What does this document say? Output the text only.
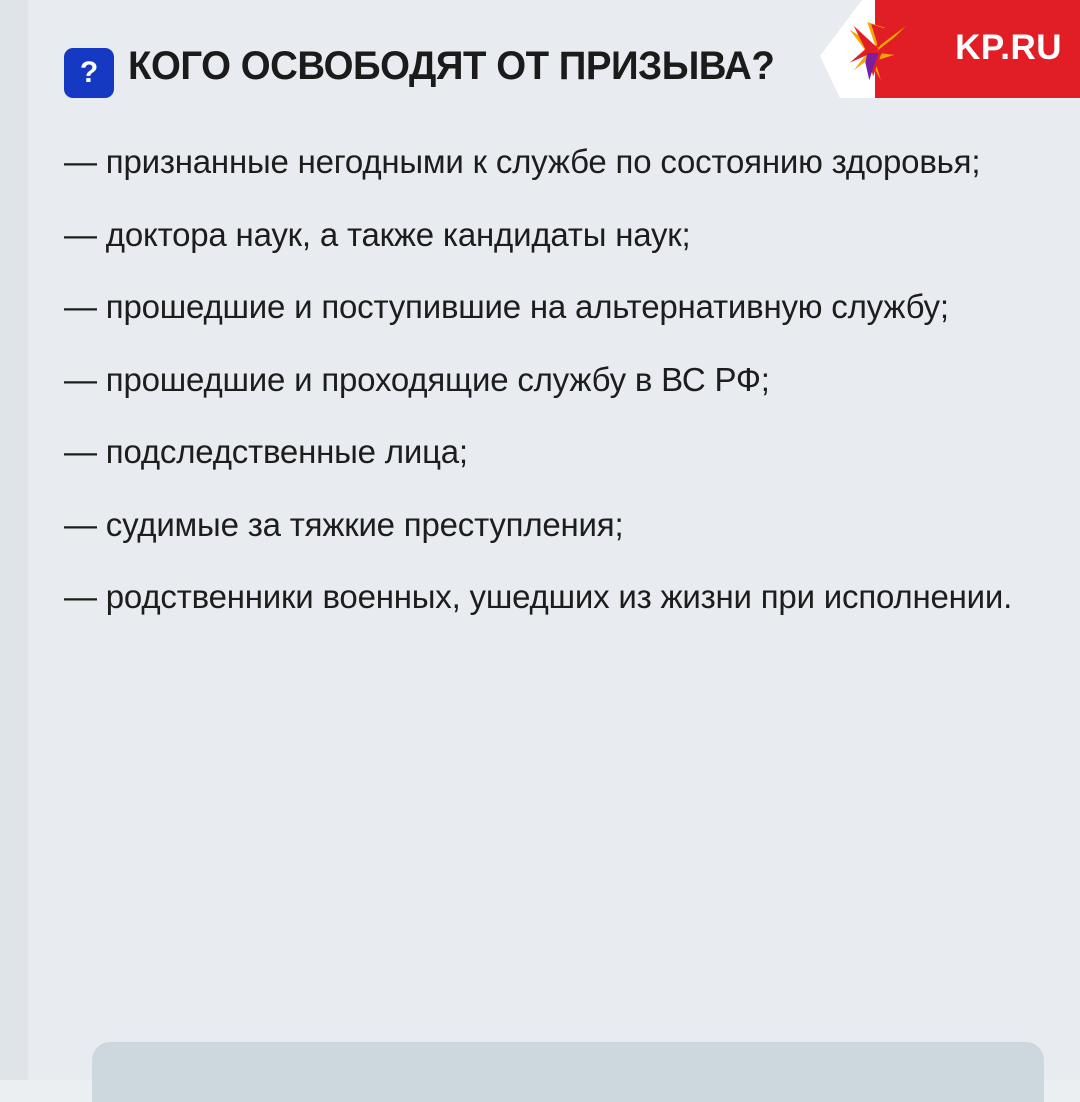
? КОГО ОСВОБОДЯТ ОТ ПРИЗЫВА?	KP.RU
— признанные негодными к службе по состоянию здоровья;
— доктора наук, а также кандидаты наук;
— прошедшие и поступившие на альтернативную службу;
— прошедшие и проходящие службу в ВС РФ;
— подследственные лица;
— судимые за тяжкие преступления;
— родственники военных, ушедших из жизни при исполнении.
